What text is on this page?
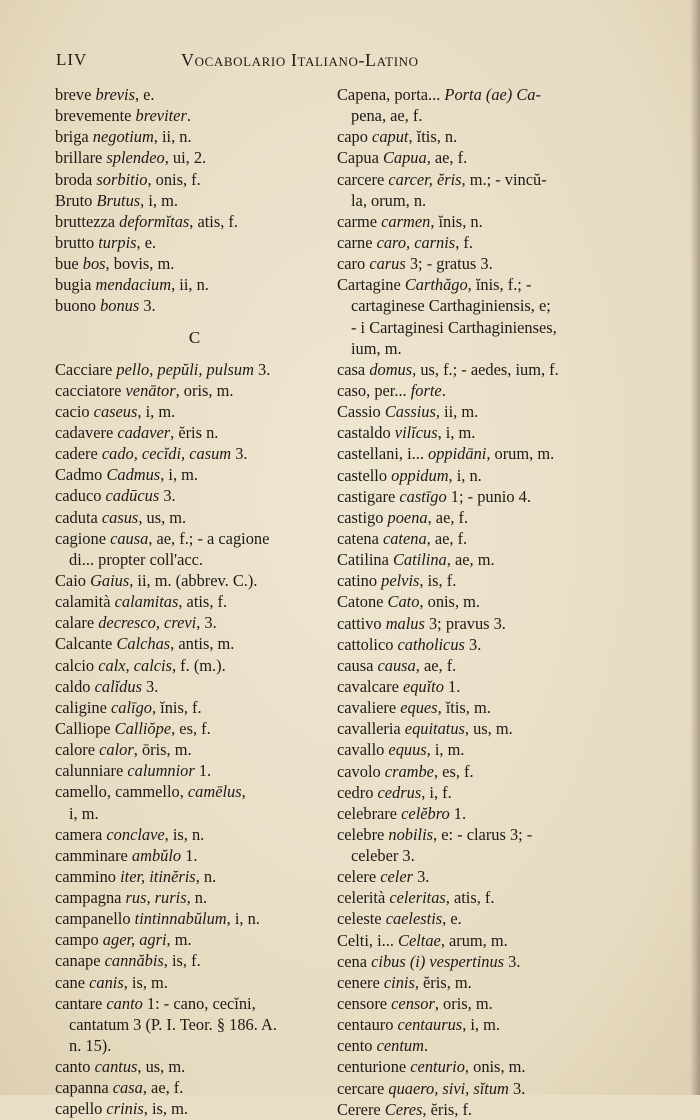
LIV	Vocabolario Italiano-Latino
breve brevis, e.
brevemente breviter.
briga negotium, ii, n.
brillare splendeo, ui, 2.
broda sorbitio, onis, f.
Bruto Brutus, i, m.
bruttezza deformĭtas, atis, f.
brutto turpis, e.
bue bos, bovis, m.
bugia mendacium, ii, n.
buono bonus 3.
C
Cacciare pello, pepŭli, pulsum 3.
cacciatore venātor, oris, m.
cacio caseus, i, m.
cadavere cadaver, ĕris n.
cadere cado, cecĭdi, casum 3.
Cadmo Cadmus, i, m.
caduco cadūcus 3.
caduta casus, us, m.
cagione causa, ae, f.; - a cagione
di... propter coll'acc.
Caio Gaius, ii, m. (abbrev. C.).
calamità calamitas, atis, f.
calare decresco, crevi, 3.
Calcante Calchas, antis, m.
calcio calx, calcis, f. (m.).
caldo calĭdus 3.
caligine calīgo, ĭnis, f.
Calliope Calliŏpe, es, f.
calore calor, ōris, m.
calunniare calumnior 1.
camello, cammello, camēlus,
i, m.
camera conclave, is, n.
camminare ambŭlo 1.
cammino iter, itinĕris, n.
campagna rus, ruris, n.
campanello tintinnabŭlum, i, n.
campo ager, agri, m.
canape cannăbis, is, f.
cane canis, is, m.
cantare canto 1: - cano, cecĭni,
cantatum 3 (P. I. Teor. § 186. A.
n. 15).
canto cantus, us, m.
capanna casa, ae, f.
capello crinis, is, m.
Capena, porta... Porta (ae) Ca-
pena, ae, f.
capo caput, ĭtis, n.
Capua Capua, ae, f.
carcere carcer, ĕris, m.; - vincŭ-
la, orum, n.
carme carmen, ĭnis, n.
carne caro, carnis, f.
caro carus 3; - gratus 3.
Cartagine Carthăgo, ĭnis, f.; -
cartaginese Carthaginiensis, e;
- i Cartaginesi Carthaginienses,
ium, m.
casa domus, us, f.; - aedes, ium, f.
caso, per... forte.
Cassio Cassius, ii, m.
castaldo vilĭcus, i, m.
castellani, i... oppidāni, orum, m.
castello oppidum, i, n.
castigare castīgo 1; - punio 4.
castigo poena, ae, f.
catena catena, ae, f.
Catilina Catilina, ae, m.
catino pelvis, is, f.
Catone Cato, onis, m.
cattivo malus 3; pravus 3.
cattolico catholicus 3.
causa causa, ae, f.
cavalcare equĭto 1.
cavaliere eques, ĭtis, m.
cavalleria equitatus, us, m.
cavallo equus, i, m.
cavolo crambe, es, f.
cedro cedrus, i, f.
celebrare celĕbro 1.
celebre nobilis, e: - clarus 3; -
celeber 3.
celere celer 3.
celerità celeritas, atis, f.
celeste caelestis, e.
Celti, i... Celtae, arum, m.
cena cibus (i) vespertinus 3.
cenere cinis, ĕris, m.
censore censor, oris, m.
centauro centaurus, i, m.
cento centum.
centurione centurio, onis, m.
cercare quaero, sivi, sĭtum 3.
Cerere Ceres, ĕris, f.
